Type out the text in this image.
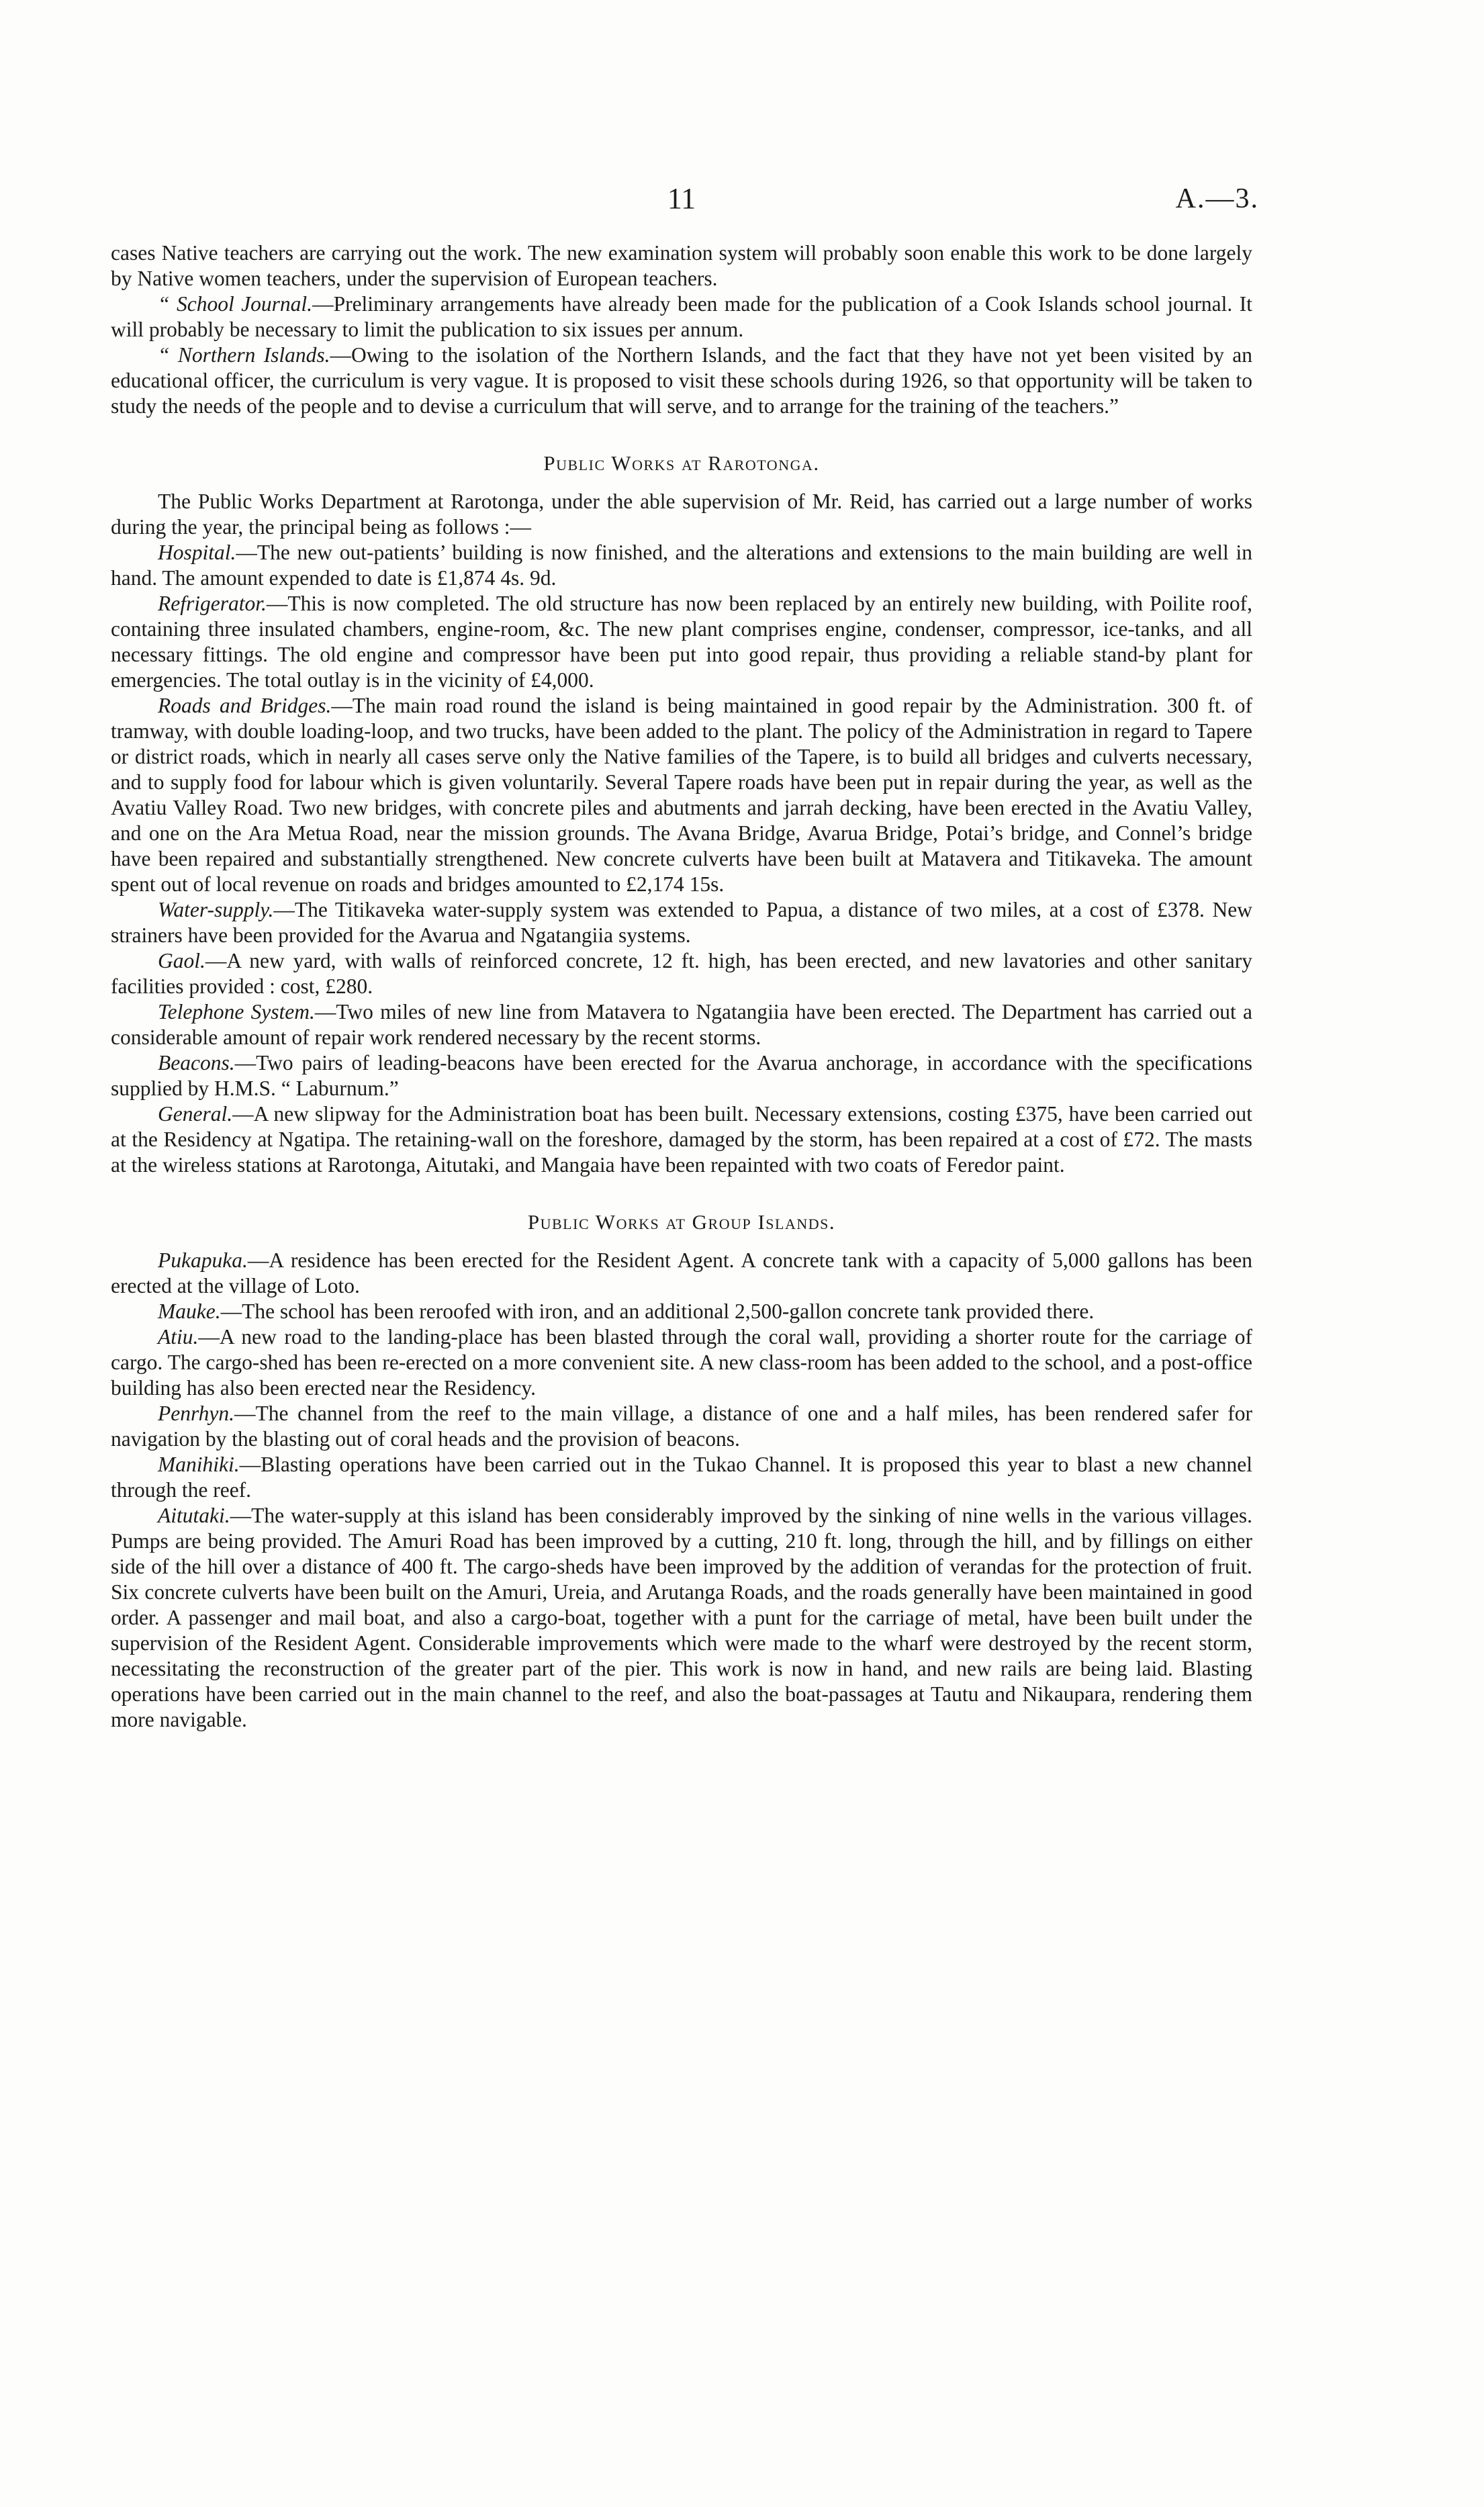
11	A.—3.

cases Native teachers are carrying out the work. The new examination system will probably soon enable this work to be done largely by Native women teachers, under the supervision of European teachers.

“ School Journal.—Preliminary arrangements have already been made for the publication of a Cook Islands school journal. It will probably be necessary to limit the publication to six issues per annum.

“ Northern Islands.—Owing to the isolation of the Northern Islands, and the fact that they have not yet been visited by an educational officer, the curriculum is very vague. It is proposed to visit these schools during 1926, so that opportunity will be taken to study the needs of the people and to devise a curriculum that will serve, and to arrange for the training of the teachers.”

Public Works at Rarotonga.

The Public Works Department at Rarotonga, under the able supervision of Mr. Reid, has carried out a large number of works during the year, the principal being as follows :—

Hospital.—The new out-patients’ building is now finished, and the alterations and extensions to the main building are well in hand. The amount expended to date is £1,874 4s. 9d.

Refrigerator.—This is now completed. The old structure has now been replaced by an entirely new building, with Poilite roof, containing three insulated chambers, engine-room, &c. The new plant comprises engine, condenser, compressor, ice-tanks, and all necessary fittings. The old engine and compressor have been put into good repair, thus providing a reliable stand-by plant for emergencies. The total outlay is in the vicinity of £4,000.

Roads and Bridges.—The main road round the island is being maintained in good repair by the Administration. 300 ft. of tramway, with double loading-loop, and two trucks, have been added to the plant. The policy of the Administration in regard to Tapere or district roads, which in nearly all cases serve only the Native families of the Tapere, is to build all bridges and culverts necessary, and to supply food for labour which is given voluntarily. Several Tapere roads have been put in repair during the year, as well as the Avatiu Valley Road. Two new bridges, with concrete piles and abutments and jarrah decking, have been erected in the Avatiu Valley, and one on the Ara Metua Road, near the mission grounds. The Avana Bridge, Avarua Bridge, Potai’s bridge, and Connel’s bridge have been repaired and substantially strengthened. New concrete culverts have been built at Matavera and Titikaveka. The amount spent out of local revenue on roads and bridges amounted to £2,174 15s.

Water-supply.—The Titikaveka water-supply system was extended to Papua, a distance of two miles, at a cost of £378. New strainers have been provided for the Avarua and Ngatangiia systems.

Gaol.—A new yard, with walls of reinforced concrete, 12 ft. high, has been erected, and new lavatories and other sanitary facilities provided : cost, £280.

Telephone System.—Two miles of new line from Matavera to Ngatangiia have been erected. The Department has carried out a considerable amount of repair work rendered necessary by the recent storms.

Beacons.—Two pairs of leading-beacons have been erected for the Avarua anchorage, in accordance with the specifications supplied by H.M.S. “ Laburnum.”

General.—A new slipway for the Administration boat has been built. Necessary extensions, costing £375, have been carried out at the Residency at Ngatipa. The retaining-wall on the foreshore, damaged by the storm, has been repaired at a cost of £72. The masts at the wireless stations at Rarotonga, Aitutaki, and Mangaia have been repainted with two coats of Feredor paint.

Public Works at Group Islands.

Pukapuka.—A residence has been erected for the Resident Agent. A concrete tank with a capacity of 5,000 gallons has been erected at the village of Loto.

Mauke.—The school has been reroofed with iron, and an additional 2,500-gallon concrete tank provided there.

Atiu.—A new road to the landing-place has been blasted through the coral wall, providing a shorter route for the carriage of cargo. The cargo-shed has been re-erected on a more convenient site. A new class-room has been added to the school, and a post-office building has also been erected near the Residency.

Penrhyn.—The channel from the reef to the main village, a distance of one and a half miles, has been rendered safer for navigation by the blasting out of coral heads and the provision of beacons.

Manihiki.—Blasting operations have been carried out in the Tukao Channel. It is proposed this year to blast a new channel through the reef.

Aitutaki.—The water-supply at this island has been considerably improved by the sinking of nine wells in the various villages. Pumps are being provided. The Amuri Road has been improved by a cutting, 210 ft. long, through the hill, and by fillings on either side of the hill over a distance of 400 ft. The cargo-sheds have been improved by the addition of verandas for the protection of fruit. Six concrete culverts have been built on the Amuri, Ureia, and Arutanga Roads, and the roads generally have been maintained in good order. A passenger and mail boat, and also a cargo-boat, together with a punt for the carriage of metal, have been built under the supervision of the Resident Agent. Considerable improvements which were made to the wharf were destroyed by the recent storm, necessitating the reconstruction of the greater part of the pier. This work is now in hand, and new rails are being laid. Blasting operations have been carried out in the main channel to the reef, and also the boat-passages at Tautu and Nikaupara, rendering them more navigable.
